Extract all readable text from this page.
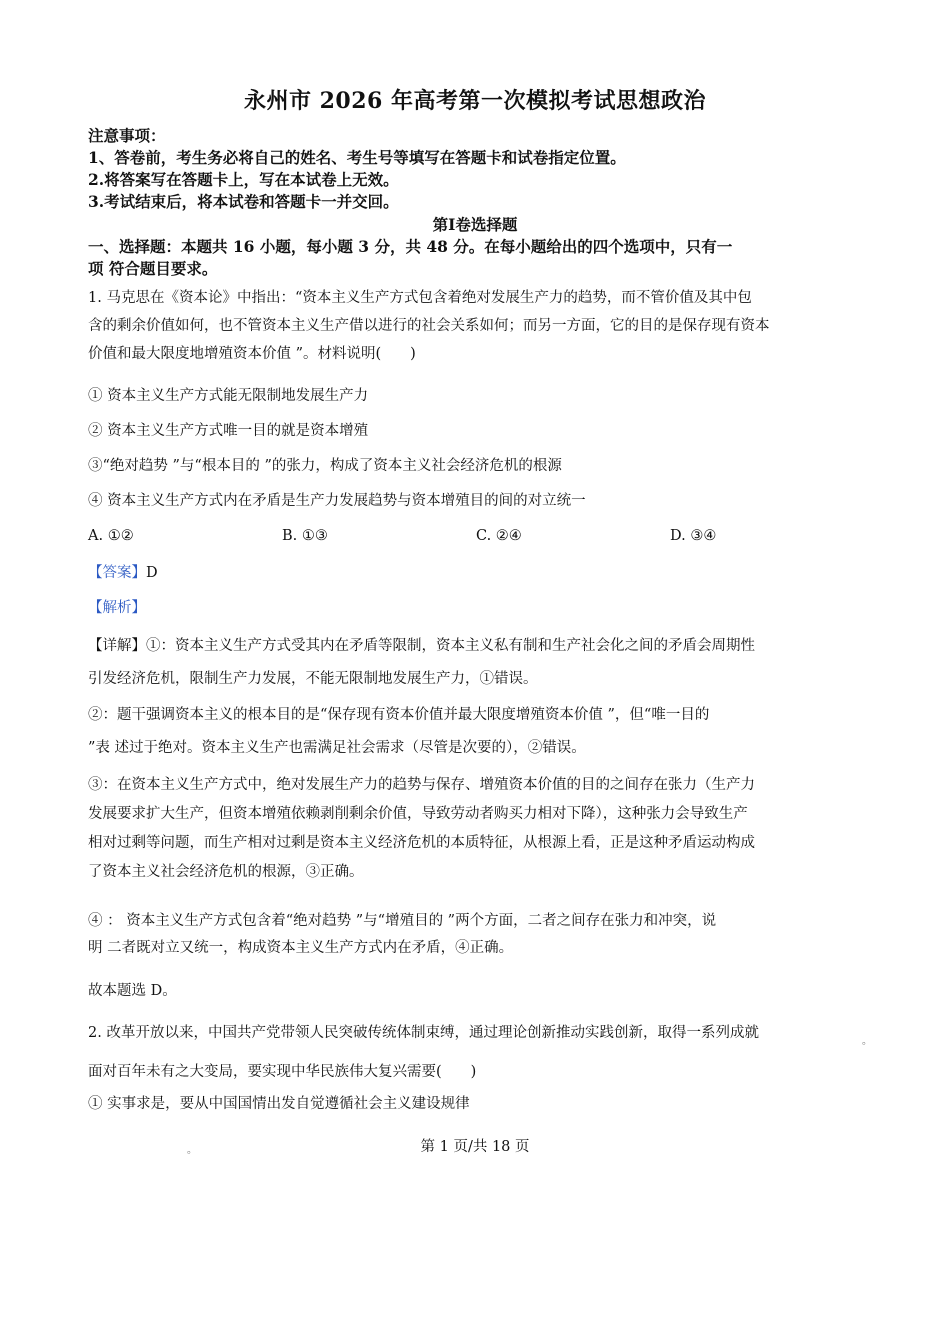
永州市 2026 年高考第一次模拟考试思想政治
注意事项：
1、答卷前，考生务必将自己的姓名、考生号等填写在答题卡和试卷指定位置。
2.将答案写在答题卡上，写在本试卷上无效。
3.考试结束后，将本试卷和答题卡一并交回。
第Ⅰ卷选择题
一、选择题：本题共 16 小题，每小题 3 分，共 48 分。在每小题给出的四个选项中，只有一
项 符合题目要求。
1. 马克思在《资本论》中指出：“资本主义生产方式包含着绝对发展生产力的趋势，而不管价值及其中包
含的剩余价值如何，也不管资本主义生产借以进行的社会关系如何；而另一方面，它的目的是保存现有资本
价值和最大限度地增殖资本价值 ”。材料说明(　　)
① 资本主义生产方式能无限制地发展生产力
② 资本主义生产方式唯一目的就是资本增殖
③“绝对趋势 ”与“根本目的 ”的张力，构成了资本主义社会经济危机的根源
④ 资本主义生产方式内在矛盾是生产力发展趋势与资本增殖目的间的对立统一
A. ①②	B. ①③	C. ②④	D. ③④
【答案】D
【解析】
【详解】①：资本主义生产方式受其内在矛盾等限制，资本主义私有制和生产社会化之间的矛盾会周期性
引发经济危机，限制生产力发展，不能无限制地发展生产力，①错误。
②：题干强调资本主义的根本目的是“保存现有资本价值并最大限度增殖资本价值 ”，但“唯一目的
”表 述过于绝对。资本主义生产也需满足社会需求（尽管是次要的），②错误。
③：在资本主义生产方式中，绝对发展生产力的趋势与保存、增殖资本价值的目的之间存在张力（生产力
发展要求扩大生产，但资本增殖依赖剥削剩余价值，导致劳动者购买力相对下降），这种张力会导致生产
相对过剩等问题，而生产相对过剩是资本主义经济危机的本质特征，从根源上看，正是这种矛盾运动构成
了资本主义社会经济危机的根源，③正确。
④ ： 资本主义生产方式包含着“绝对趋势 ”与“增殖目的 ”两个方面，二者之间存在张力和冲突，说
明 二者既对立又统一，构成资本主义生产方式内在矛盾，④正确。
故本题选 D。
2. 改革开放以来，中国共产党带领人民突破传统体制束缚，通过理论创新推动实践创新，取得一系列成就
。
面对百年未有之大变局，要实现中华民族伟大复兴需要(　　)
① 实事求是，要从中国国情出发自觉遵循社会主义建设规律
。	第 1 页/共 18 页
